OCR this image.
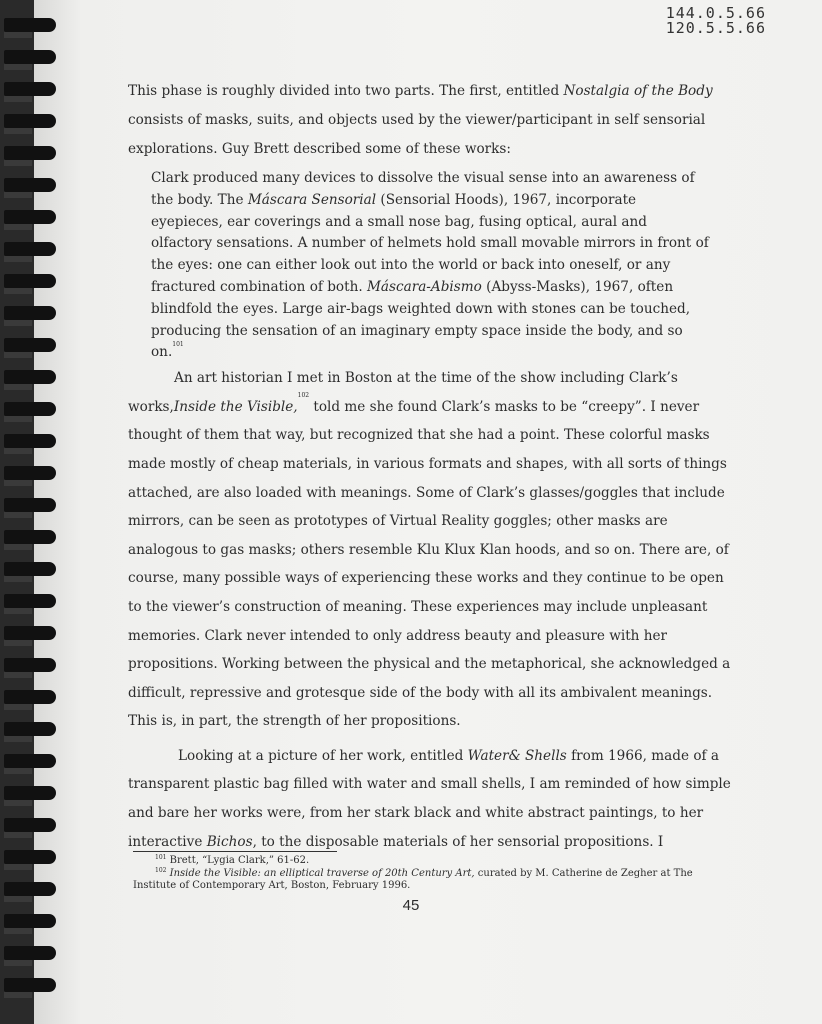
144.0.5.66
120.5.5.66

This phase is roughly divided into two parts. The first, entitled Nostalgia of the Body consists of masks, suits, and objects used by the viewer/participant in self sensorial explorations. Guy Brett described some of these works:

Clark produced many devices to dissolve the visual sense into an awareness of the body. The Máscara Sensorial (Sensorial Hoods), 1967, incorporate eyepieces, ear coverings and a small nose bag, fusing optical, aural and olfactory sensations. A number of helmets hold small movable mirrors in front of the eyes: one can either look out into the world or back into oneself, or any fractured combination of both. Máscara-Abismo (Abyss-Masks), 1967, often blindfold the eyes. Large air-bags weighted down with stones can be touched, producing the sensation of an imaginary empty space inside the body, and so on.$^{101}$

An art historian I met in Boston at the time of the show including Clark’s works,Inside the Visible,$^{102}$ told me she found Clark’s masks to be “creepy”. I never thought of them that way, but recognized that she had a point. These colorful masks made mostly of cheap materials, in various formats and shapes, with all sorts of things attached, are also loaded with meanings. Some of Clark’s glasses/goggles that include mirrors, can be seen as prototypes of Virtual Reality goggles; other masks are analogous to gas masks; others resemble Klu Klux Klan hoods, and so on. There are, of course, many possible ways of experiencing these works and they continue to be open to the viewer’s construction of meaning. These experiences may include unpleasant memories. Clark never intended to only address beauty and pleasure with her propositions. Working between the physical and the metaphorical, she acknowledged a difficult, repressive and grotesque side of the body with all its ambivalent meanings. This is, in part, the strength of her propositions.

Looking at a picture of her work, entitled Water& Shells from 1966, made of a transparent plastic bag filled with water and small shells, I am reminded of how simple and bare her works were, from her stark black and white abstract paintings, to her interactive Bichos, to the disposable materials of her sensorial propositions. I

$^{101}$ Brett, “Lygia Clark,” 61-62.
$^{102}$ Inside the Visible: an elliptical traverse of 20th Century Art, curated by M. Catherine de Zegher at The Institute of Contemporary Art, Boston, February 1996.
45
